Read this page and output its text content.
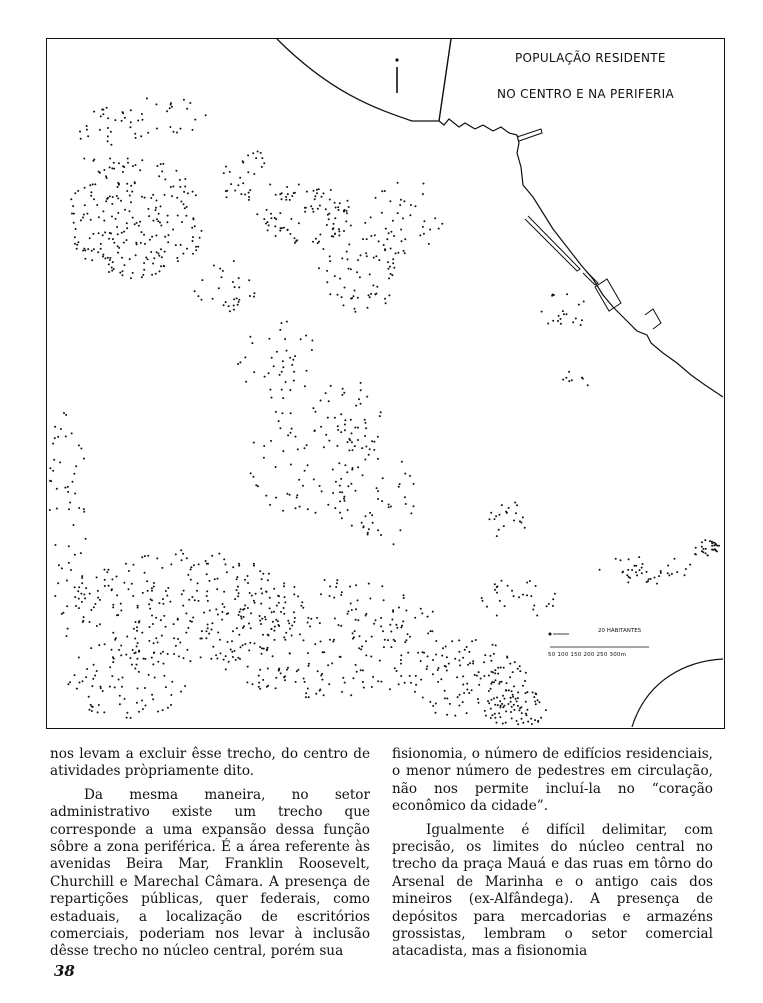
POPULAÇÃO RESIDENTE
NO CENTRO E NA PERIFERIA
20 HABITANTES
50 100 150 200 250 300m

nos levam a excluir êsse trecho, do centro de atividades pròpriamente dito.

Da mesma maneira, no setor administrativo existe um trecho que corresponde a uma expansão dessa função sôbre a zona periférica. É a área referente às avenidas Beira Mar, Franklin Roosevelt, Churchill e Marechal Câmara. A presença de repartições públicas, quer federais, como estaduais, a localização de escritórios comerciais, poderiam nos levar à inclusão dêsse trecho no núcleo central, porém sua

fisionomia, o número de edifícios residenciais, o menor número de pedestres em circulação, não nos permite incluí-la no “coração econômico da cidade”.

Igualmente é difícil delimitar, com precisão, os limites do núcleo central no trecho da praça Mauá e das ruas em tôrno do Arsenal de Marinha e o antigo cais dos mineiros (ex-Alfândega). A presença de depósitos para mercadorias e armazéns grossistas, lembram o setor comercial atacadista, mas a fisionomia

38
